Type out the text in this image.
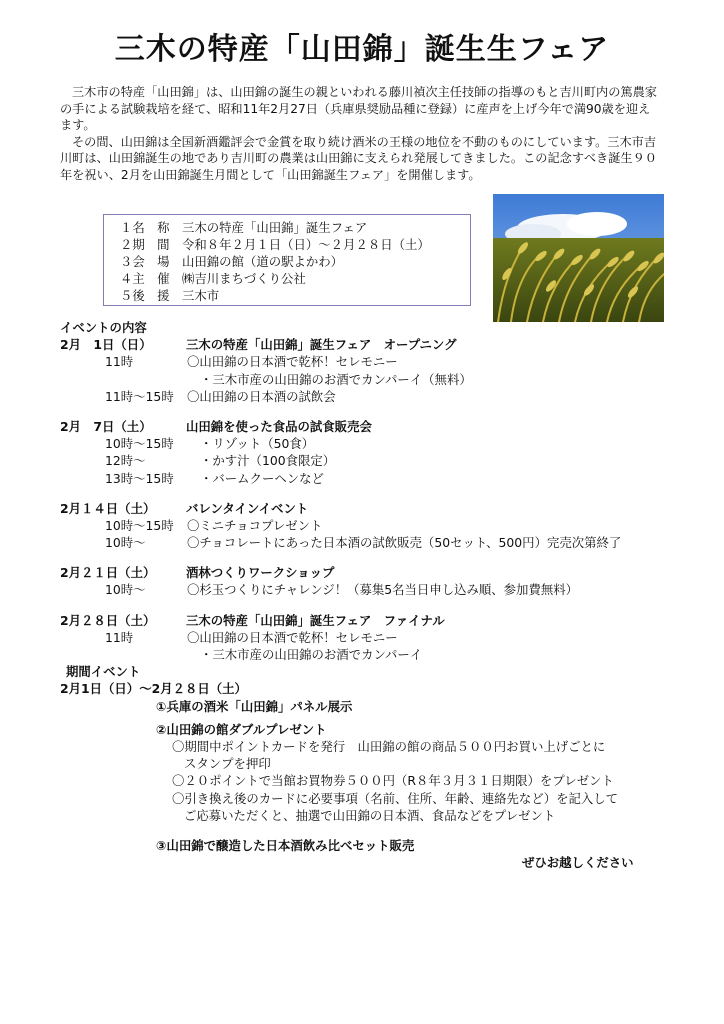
三木の特産「山田錦」誕生生フェア

三木市の特産「山田錦」は、山田錦の誕生の親といわれる藤川禎次主任技師の指導のもと吉川町内の篤農家の手による試験栽培を経て、昭和11年2月27日（兵庫県奨励品種に登録）に産声を上げ今年で満90歳を迎えます。

その間、山田錦は全国新酒鑑評会で金賞を取り続け酒米の王様の地位を不動のものにしています。三木市吉川町は、山田錦誕生の地であり吉川町の農業は山田錦に支えられ発展してきました。この記念すべき誕生９０年を祝い、2月を山田錦誕生月間として「山田錦誕生フェア」を開催します。

１名　称 三木の特産「山田錦」誕生フェア
２期　間 令和８年２月１日（日）～２月２８日（土）
３会　場 山田錦の館（道の駅よかわ）
４主　催 ㈱吉川まちづくり公社
５後　援 三木市
イベントの内容
2月　1日（日）	三木の特産「山田錦」誕生フェア　オープニング
11時	〇山田錦の日本酒で乾杯！セレモニー
・三木市産の山田錦のお酒でカンパーイ（無料）
11時～15時 〇山田錦の日本酒の試飲会
2月　7日（土）	山田錦を使った食品の試食販売会
10時～15時 ・リゾット（50食）
12時～	・かす汁（100食限定）
13時～15時 ・バームクーヘンなど
2月１４日（土） バレンタインイベント
10時～15時 〇ミニチョコプレゼント
10時～	〇チョコレートにあった日本酒の試飲販売（50セット、500円）完売次第終了
2月２１日（土） 酒林つくりワークショップ
10時～	〇杉玉つくりにチャレンジ！（募集5名当日申し込み順、参加費無料）
2月２８日（土） 三木の特産「山田錦」誕生フェア　ファイナル
11時	〇山田錦の日本酒で乾杯！セレモニー
・三木市産の山田錦のお酒でカンパーイ
期間イベント
2月1日（日）～2月２８日（土）
①兵庫の酒米「山田錦」パネル展示
②山田錦の館ダブルプレゼント
〇期間中ポイントカードを発行　山田錦の館の商品５００円お買い上げごとに
スタンプを押印
〇２０ポイントで当館お買物券５００円（R８年３月３１日期限）をプレゼント
〇引き換え後のカードに必要事項（名前、住所、年齢、連絡先など）を記入して
ご応募いただくと、抽選で山田錦の日本酒、食品などをプレゼント
③山田錦で醸造した日本酒飲み比べセット販売
ぜひお越しください
